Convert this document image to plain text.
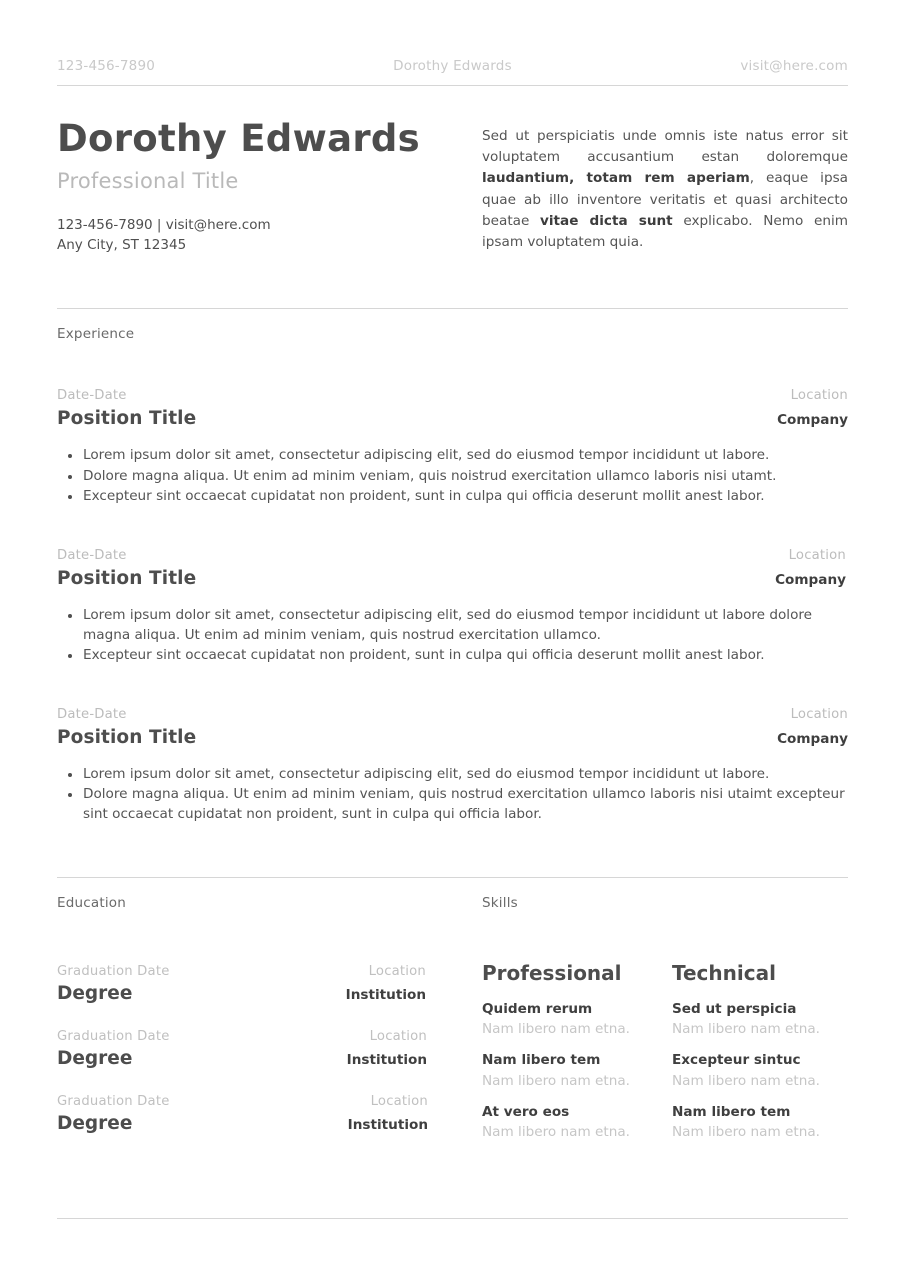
123-456-7890	Dorothy Edwards	visit@here.com
Dorothy Edwards
Professional Title
123-456-7890 | visit@here.com
Any City, ST 12345

Sed ut perspiciatis unde omnis iste natus error sit voluptatem accusantium estan doloremque laudantium, totam rem aperiam, eaque ipsa quae ab illo inventore veritatis et quasi architecto beatae vitae dicta sunt explicabo. Nemo enim ipsam voluptatem quia.

Experience
Date-Date	Location
Position Title	Company
Lorem ipsum dolor sit amet, consectetur adipiscing elit, sed do eiusmod tempor incididunt ut labore.
Dolore magna aliqua. Ut enim ad minim veniam, quis noistrud exercitation ullamco laboris nisi utamt.
Excepteur sint occaecat cupidatat non proident, sunt in culpa qui officia deserunt mollit anest labor.
Date-Date	Location
Position Title	Company
Lorem ipsum dolor sit amet, consectetur adipiscing elit, sed do eiusmod tempor incididunt ut labore dolore magna aliqua. Ut enim ad minim veniam, quis nostrud exercitation ullamco.
Excepteur sint occaecat cupidatat non proident, sunt in culpa qui officia deserunt mollit anest labor.
Date-Date	Location
Position Title	Company
Lorem ipsum dolor sit amet, consectetur adipiscing elit, sed do eiusmod tempor incididunt ut labore.
Dolore magna aliqua. Ut enim ad minim veniam, quis nostrud exercitation ullamco laboris nisi utaimt excepteur sint occaecat cupidatat non proident, sunt in culpa qui officia labor.
Education
Graduation Date	Location
Degree	Institution
Graduation Date	Location
Degree	Institution
Graduation Date	Location
Degree	Institution
Skills
Professional
Quidem rerum
Nam libero nam etna.
Nam libero tem
Nam libero nam etna.
At vero eos
Nam libero nam etna.
Technical
Sed ut perspicia
Nam libero nam etna.
Excepteur sintuc
Nam libero nam etna.
Nam libero tem
Nam libero nam etna.
